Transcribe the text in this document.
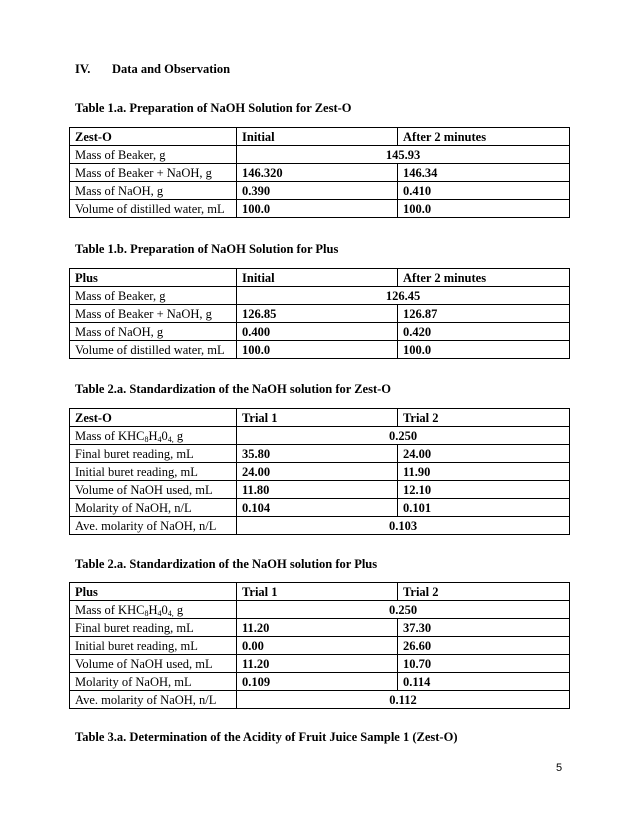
IV. Data and Observation
Table 1.a. Preparation of NaOH Solution for Zest-O
Zest-O	Initial	After 2 minutes
Mass of Beaker, g	145.93	
Mass of Beaker + NaOH, g	146.320	146.34
Mass of NaOH, g	0.390	0.410
Volume of distilled water, mL	100.0	100.0
Table 1.b. Preparation of NaOH Solution for Plus
Plus	Initial	After 2 minutes
Mass of Beaker, g	126.45	
Mass of Beaker + NaOH, g	126.85	126.87
Mass of NaOH, g	0.400	0.420
Volume of distilled water, mL	100.0	100.0
Table 2.a. Standardization of the NaOH solution for Zest-O
Zest-O	Trial 1	Trial 2
Mass of $KHC_8H_40_{4,}$ g	0.250	
Final buret reading, mL	35.80	24.00
Initial buret reading, mL	24.00	11.90
Volume of NaOH used, mL	11.80	12.10
Molarity of NaOH, n/L	0.104	0.101
Ave. molarity of NaOH, n/L	0.103	
Table 2.a. Standardization of the NaOH solution for Plus
Plus	Trial 1	Trial 2
Mass of $KHC_8H_40_{4,}$ g	0.250	
Final buret reading, mL	11.20	37.30
Initial buret reading, mL	0.00	26.60
Volume of NaOH used, mL	11.20	10.70
Molarity of NaOH, mL	0.109	0.114
Ave. molarity of NaOH, n/L	0.112	
Table 3.a. Determination of the Acidity of Fruit Juice Sample 1 (Zest-O)
5
